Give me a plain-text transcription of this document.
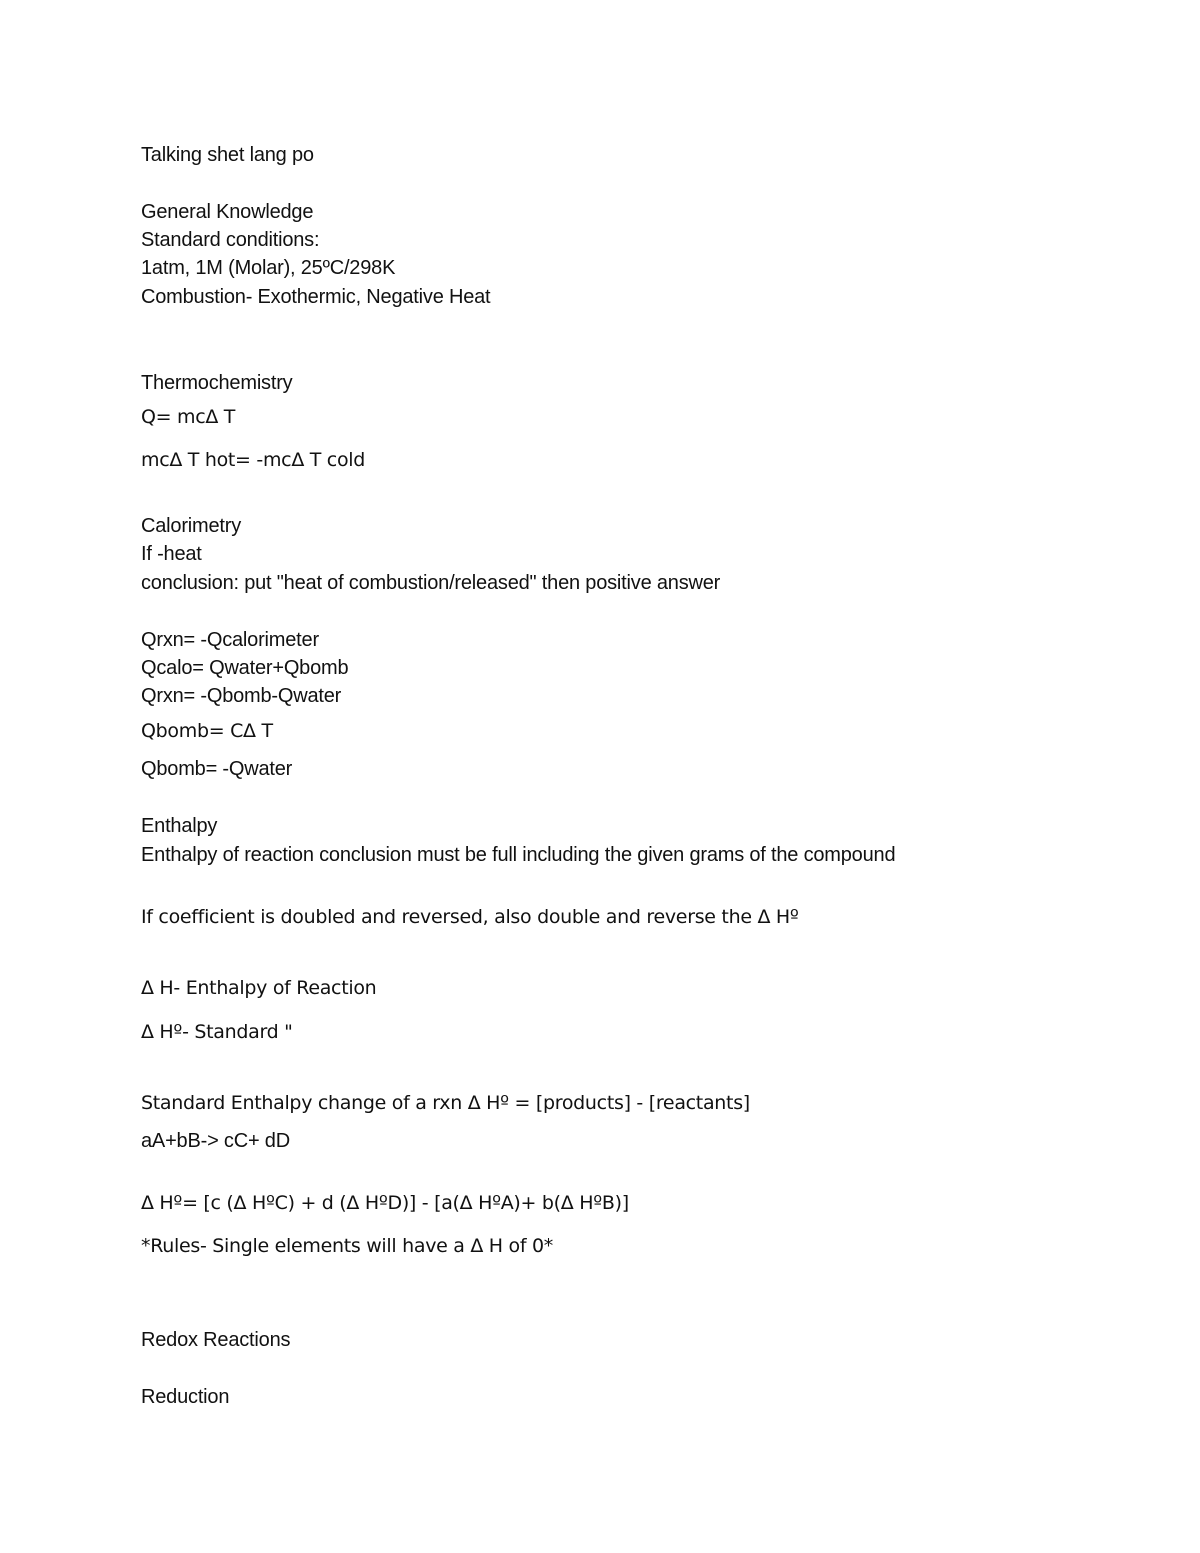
Talking shet lang po
General Knowledge
Standard conditions:
1atm, 1M (Molar), 25ºC/298K
Combustion- Exothermic, Negative Heat
Thermochemistry
Q= mcΔ T
mcΔ T hot= -mcΔ T cold
Calorimetry
If -heat
conclusion: put "heat of combustion/released" then positive answer
Qrxn= -Qcalorimeter
Qcalo= Qwater+Qbomb
Qrxn= -Qbomb-Qwater
Qbomb= CΔ T
Qbomb= -Qwater
Enthalpy
Enthalpy of reaction conclusion must be full including the given grams of the compound
If coefficient is doubled and reversed, also double and reverse the Δ Hº
Δ H- Enthalpy of Reaction
Δ Hº- Standard "
Standard Enthalpy change of a rxn Δ Hº = [products] - [reactants]
aA+bB-> cC+ dD
Δ Hº= [c (Δ HºC) + d (Δ HºD)] - [a(Δ HºA)+ b(Δ HºB)]
*Rules- Single elements will have a Δ H of 0*
Redox Reactions
Reduction
